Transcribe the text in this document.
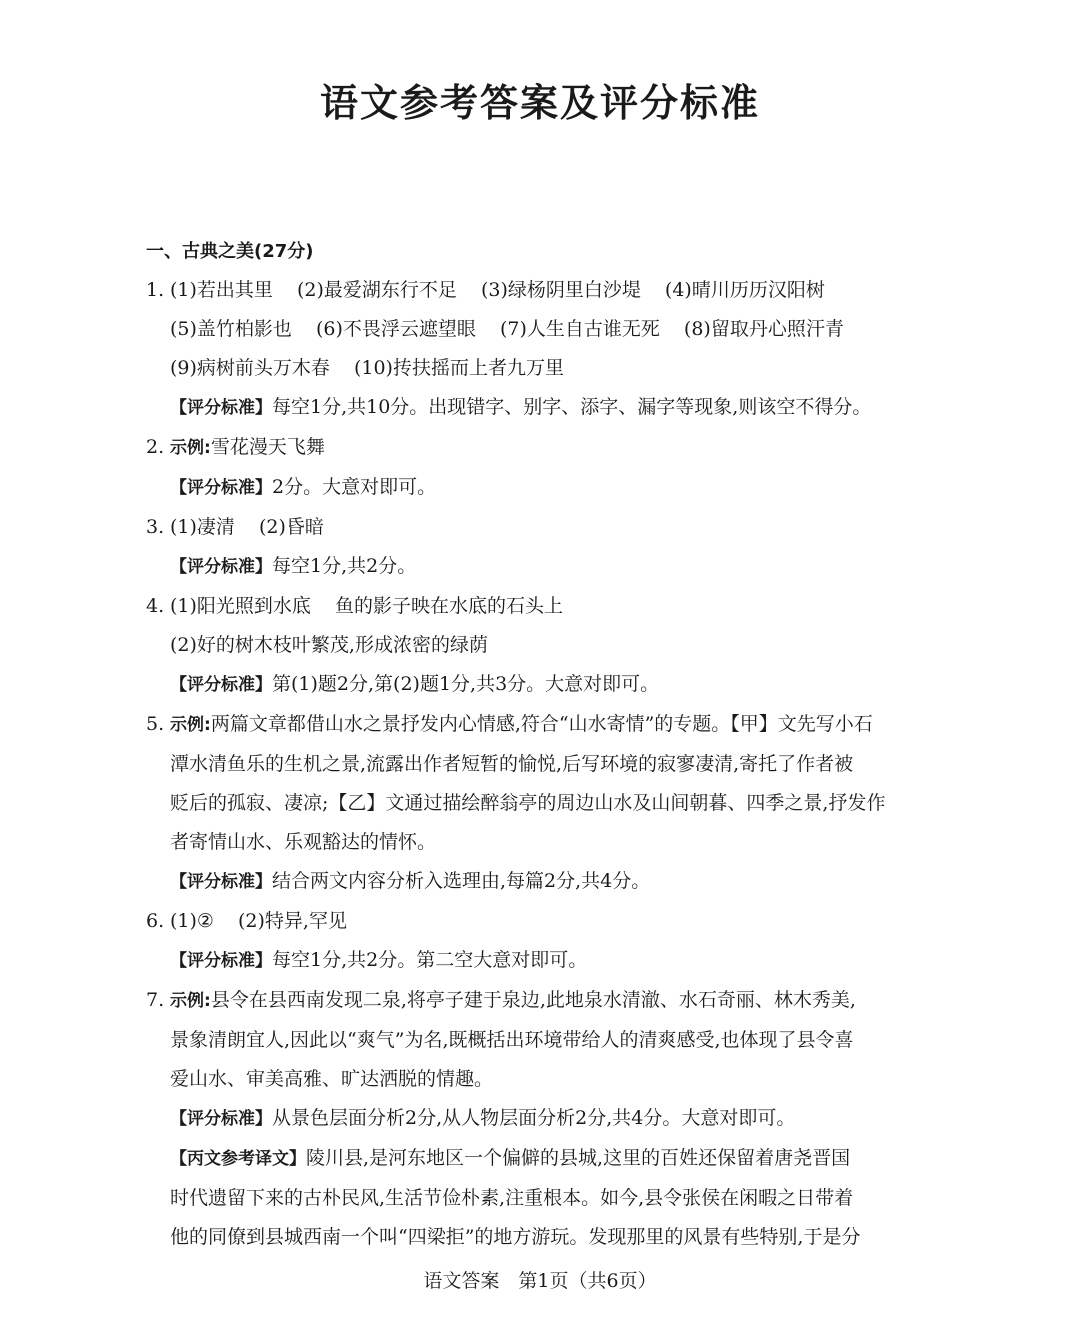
语文参考答案及评分标准
一、古典之美(27分)
1. (1)若出其里 (2)最爱湖东行不足 (3)绿杨阴里白沙堤 (4)晴川历历汉阳树
(5)盖竹柏影也 (6)不畏浮云遮望眼 (7)人生自古谁无死 (8)留取丹心照汗青
(9)病树前头万木春 (10)抟扶摇而上者九万里
【评分标准】每空1分,共10分。出现错字、别字、添字、漏字等现象,则该空不得分。
2. 示例:雪花漫天飞舞
【评分标准】2分。大意对即可。
3. (1)凄清 (2)昏暗
【评分标准】每空1分,共2分。
4. (1)阳光照到水底 鱼的影子映在水底的石头上
(2)好的树木枝叶繁茂,形成浓密的绿荫
【评分标准】第(1)题2分,第(2)题1分,共3分。大意对即可。
5. 示例:两篇文章都借山水之景抒发内心情感,符合“山水寄情”的专题。【甲】文先写小石
潭水清鱼乐的生机之景,流露出作者短暂的愉悦,后写环境的寂寥凄清,寄托了作者被
贬后的孤寂、凄凉;【乙】文通过描绘醉翁亭的周边山水及山间朝暮、四季之景,抒发作
者寄情山水、乐观豁达的情怀。
【评分标准】结合两文内容分析入选理由,每篇2分,共4分。
6. (1)② (2)特异,罕见
【评分标准】每空1分,共2分。第二空大意对即可。
7. 示例:县令在县西南发现二泉,将亭子建于泉边,此地泉水清澈、水石奇丽、林木秀美,
景象清朗宜人,因此以“爽气”为名,既概括出环境带给人的清爽感受,也体现了县令喜
爱山水、审美高雅、旷达洒脱的情趣。
【评分标准】从景色层面分析2分,从人物层面分析2分,共4分。大意对即可。
【丙文参考译文】陵川县,是河东地区一个偏僻的县城,这里的百姓还保留着唐尧晋国
时代遗留下来的古朴民风,生活节俭朴素,注重根本。如今,县令张侯在闲暇之日带着
他的同僚到县城西南一个叫“四梁拒”的地方游玩。发现那里的风景有些特别,于是分
语文答案　第1页（共6页）
